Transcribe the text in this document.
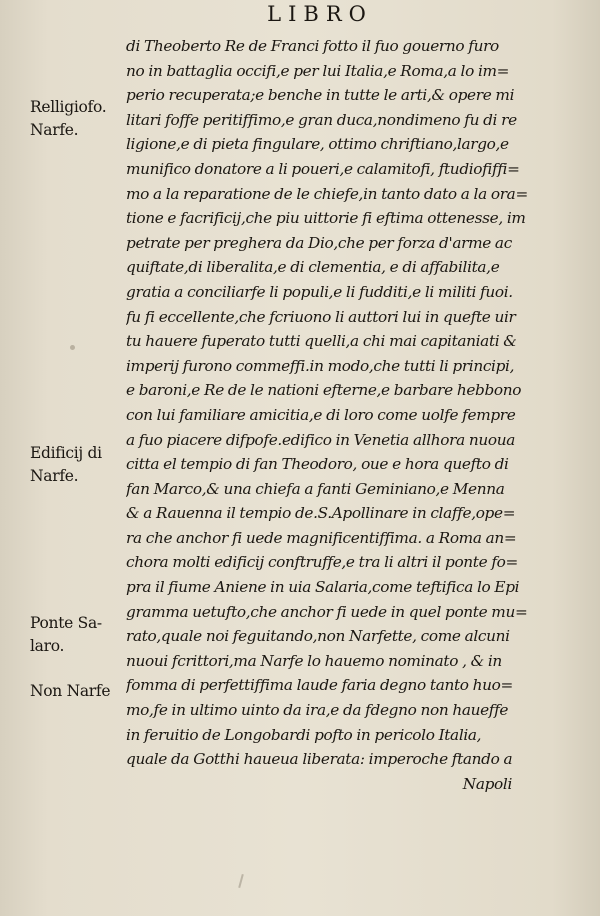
LIBRO
Relligiofo.
Narfe.
Edificij di
Narfe.
Ponte Sa-
laro.
Non Narfe
di Theoberto Re de Franci fotto il fuo gouerno furo
no in battaglia occifi,e per lui Italia,e Roma,a lo im=
perio recuperata;e benche in tutte le arti,& opere mi
litari foffe peritiffimo,e gran duca,nondimeno fu di re
ligione,e di pieta fingulare, ottimo chriftiano,largo,e
munifico donatore a li poueri,e calamitofi, ftudiofiffi=
mo a la reparatione de le chiefe,in tanto dato a la ora=
tione e facrificij,che piu uittorie fi eftima ottenesse, im
petrate per preghera da Dio,che per forza d'arme ac
quiftate,di liberalita,e di clementia, e di affabilita,e
gratia a conciliarfe li populi,e li fudditi,e li militi fuoi.
fu fi eccellente,che fcriuono li auttori lui in quefte uir
tu hauere fuperato tutti quelli,a chi mai capitaniati &
imperij furono commeffi.in modo,che tutti li principi,
e baroni,e Re de le nationi efterne,e barbare hebbono
con lui familiare amicitia,e di loro come uolfe fempre
a fuo piacere difpofe.edifico in Venetia allhora nuoua
citta el tempio di fan Theodoro, oue e hora quefto di
fan Marco,& una chiefa a fanti Geminiano,e Menna
& a Rauenna il tempio de.S.Apollinare in claffe,ope=
ra che anchor fi uede magnificentiffima. a Roma an=
chora molti edificij conftruffe,e tra li altri il ponte fo=
pra il fiume Aniene in uia Salaria,come teftifica lo Epi
gramma uetufto,che anchor fi uede in quel ponte mu=
rato,quale noi feguitando,non Narfette, come alcuni
nuoui fcrittori,ma Narfe lo hauemo nominato , & in
fomma di perfettiffima laude faria degno tanto huo=
mo,fe in ultimo uinto da ira,e da fdegno non haueffe
in feruitio de Longobardi pofto in pericolo Italia,
quale da Gotthi haueua liberata: imperoche ftando a
Napoli
